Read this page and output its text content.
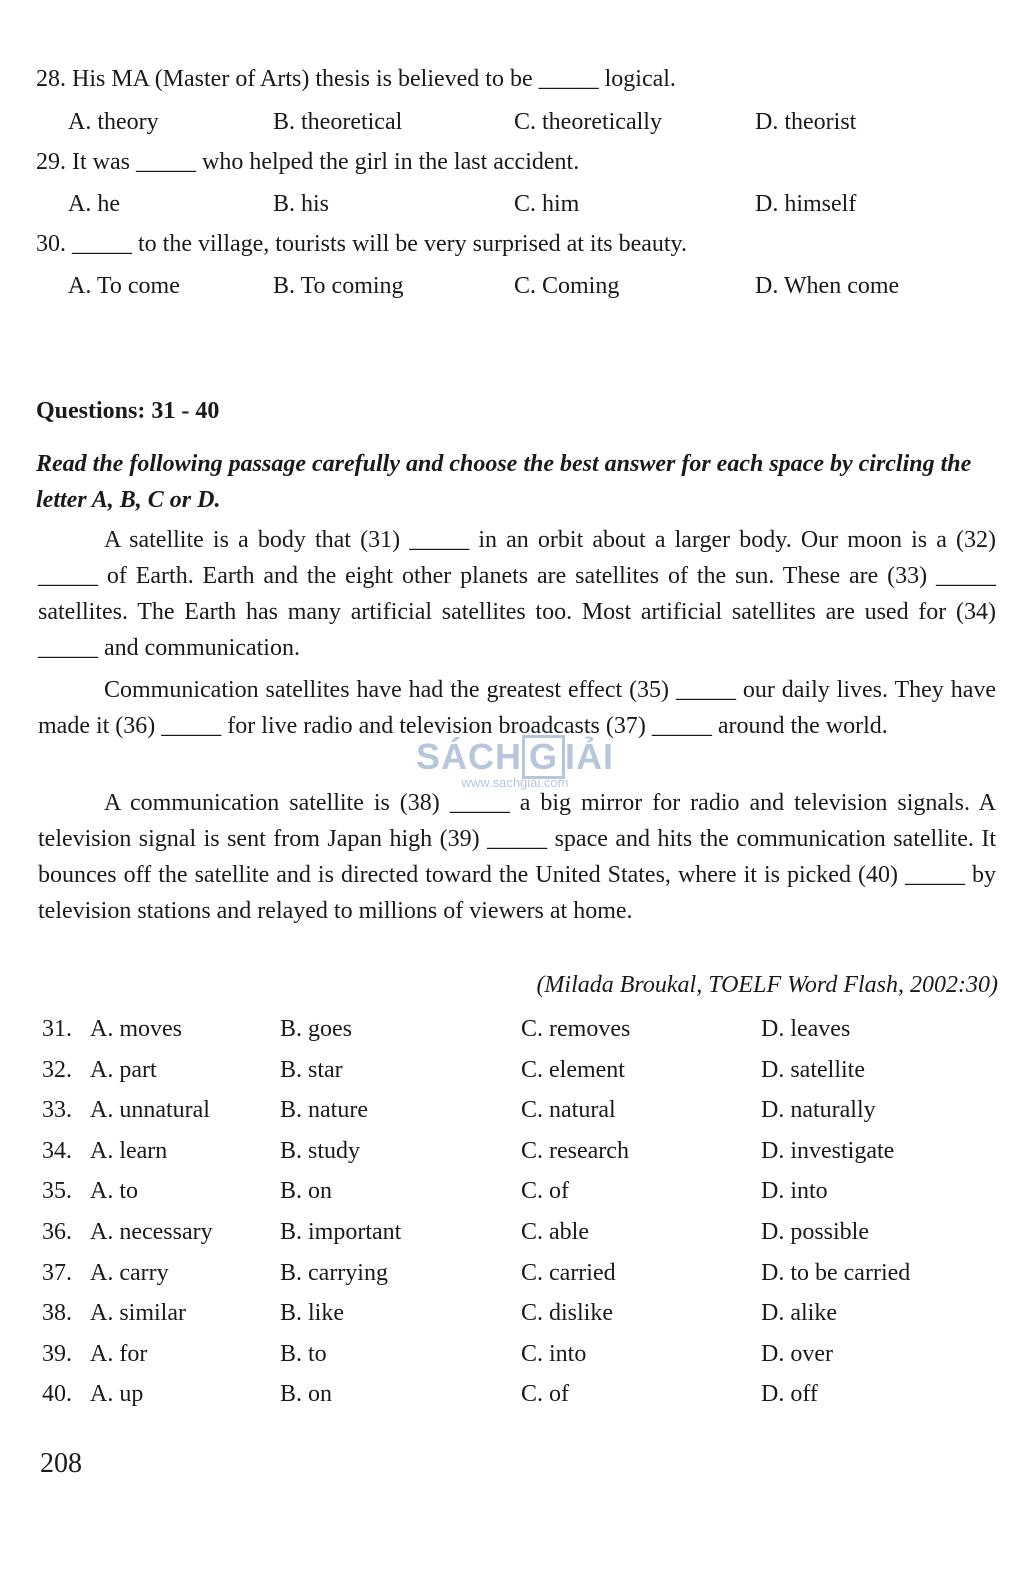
28. His MA (Master of Arts) thesis is believed to be _____ logical.
A. theory	B. theoretical	C. theoretically	D. theorist
29. It was _____ who helped the girl in the last accident.
A. he	B. his	C. him	D. himself
30. _____ to the village, tourists will be very surprised at its beauty.
A. To come	B. To coming	C. Coming	D. When come
Questions: 31 - 40
Read the following passage carefully and choose the best answer for each space by circling the letter A, B, C or D.
A satellite is a body that (31) _____ in an orbit about a larger body. Our moon is a (32) _____ of Earth. Earth and the eight other planets are satellites of the sun. These are (33) _____ satellites. The Earth has many artificial satellites too. Most artificial satellites are used for (34) _____ and communication.
Communication satellites have had the greatest effect (35) _____ our daily lives. They have made it (36) _____ for live radio and television broadcasts (37) _____ around the world.
A communication satellite is (38) _____ a big mirror for radio and television signals. A television signal is sent from Japan high (39) _____ space and hits the communication satellite. It bounces off the satellite and is directed toward the United States, where it is picked (40) _____ by television stations and relayed to millions of viewers at home.
(Milada Broukal, TOELF Word Flash, 2002:30)
31. A. moves	B. goes	C. removes	D. leaves
32. A. part	B. star	C. element	D. satellite
33. A. unnatural	B. nature	C. natural	D. naturally
34. A. learn	B. study	C. research	D. investigate
35. A. to	B. on	C. of	D. into
36. A. necessary	B. important	C. able	D. possible
37. A. carry	B. carrying	C. carried	D. to be carried
38. A. similar	B. like	C. dislike	D. alike
39. A. for	B. to	C. into	D. over
40. A. up	B. on	C. of	D. off
SÁCH G IẢI
www.sachgiai.com
208
